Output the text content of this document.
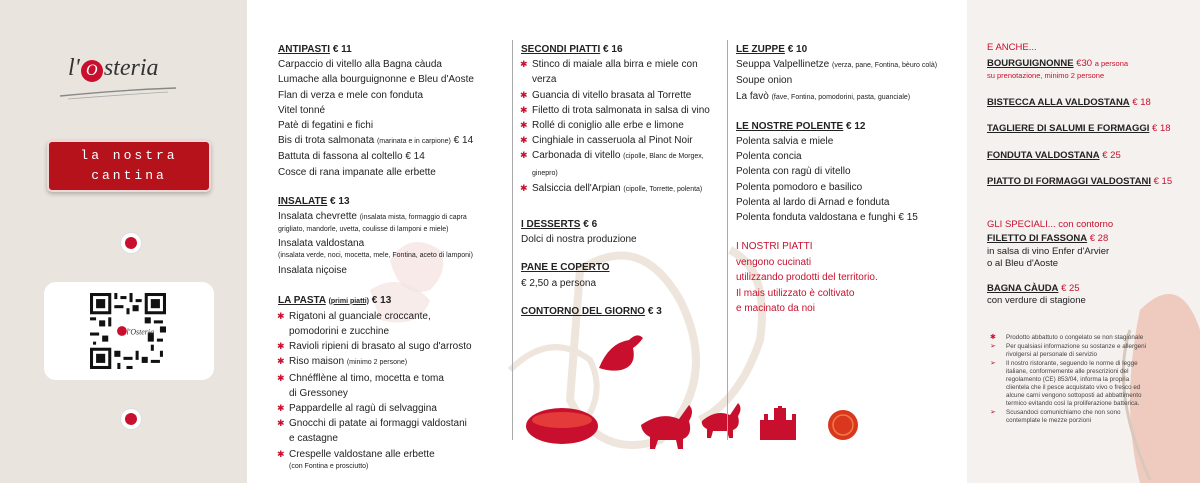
l' O steria
la nostra
cantina
l'Osteria
ANTIPASTI € 11
Carpaccio di vitello alla Bagna càuda
Lumache alla bourguignonne e Bleu d'Aoste
Flan di verza e mele con fonduta
Vitel tonné
Patè di fegatini e fichi
Bis di trota salmonata (marinata e in carpione) € 14
Battuta di fassona al coltello € 14
Cosce di rana impanate alle erbette
INSALATE € 13
Insalata chevrette (insalata mista, formaggio di capra
grigliato, mandorle, uvetta, coulisse di lamponi e miele)
Insalata valdostana
(insalata verde, noci, mocetta, mele, Fontina, aceto di lamponi)
Insalata niçoise
LA PASTA (primi piatti) € 13
✱ Rigatoni al guanciale croccante,
pomodorini e zucchine
✱ Ravioli ripieni di brasato al sugo d'arrosto
✱ Riso maison (minimo 2 persone)
✱ Chnéfflène al timo, mocetta e toma
di Gressoney
✱ Pappardelle al ragù di selvaggina
✱ Gnocchi di patate ai formaggi valdostani
e castagne
✱ Crespelle valdostane alle erbette
(con Fontina e prosciutto)
SECONDI PIATTI € 16
✱ Stinco di maiale alla birra e miele con verza
✱ Guancia di vitello brasata al Torrette
✱ Filetto di trota salmonata in salsa di vino
✱ Rollé di coniglio alle erbe e limone
✱ Cinghiale in casseruola al Pinot Noir
✱ Carbonada di vitello (cipolle, Blanc de Morgex, ginepro)
✱ Salsiccia dell'Arpian (cipolle, Torrette, polenta)
I DESSERTS € 6
Dolci di nostra produzione
PANE E COPERTO
€ 2,50 a persona
CONTORNO DEL GIORNO € 3
LE ZUPPE € 10
Seuppa Valpellinetze (verza, pane, Fontina, bèuro colà)
Soupe onion
La favò (fave, Fontina, pomodorini, pasta, guanciale)
LE NOSTRE POLENTE € 12
Polenta salvia e miele
Polenta concia
Polenta con ragù di vitello
Polenta pomodoro e basilico
Polenta al lardo di Arnad e fonduta
Polenta fonduta valdostana e funghi € 15
I NOSTRI PIATTI
vengono cucinati
utilizzando prodotti del territorio.
Il mais utilizzato è coltivato
e macinato da noi
E ANCHE...
BOURGUIGNONNE €30 a persona
su prenotazione, minimo 2 persone
BISTECCA ALLA VALDOSTANA € 18
TAGLIERE DI SALUMI E FORMAGGI € 18
FONDUTA VALDOSTANA € 25
PIATTO DI FORMAGGI VALDOSTANI € 15
GLI SPECIALI... con contorno
FILETTO DI FASSONA € 28
in salsa di vino Enfer d'Arvier
o al Bleu d'Aoste
BAGNA CÀUDA € 25
con verdure di stagione
✱ Prodotto abbattuto o congelato se non stagionale
➢ Per qualsiasi informazione su sostanze e allergeni rivolgersi al personale di servizio
➢ Il nostro ristorante, seguendo le norme di legge italiane, conformemente alle prescrizioni del regolamento (CE) 853/04, informa la propria clientela che il pesce acquistato vivo o fresco ed alcune carni vengono sottoposti ad abbattimento termico evitando così la proliferazione batterica.
➢ Scusandoci comunichiamo che non sono contemplate le mezze porzioni
